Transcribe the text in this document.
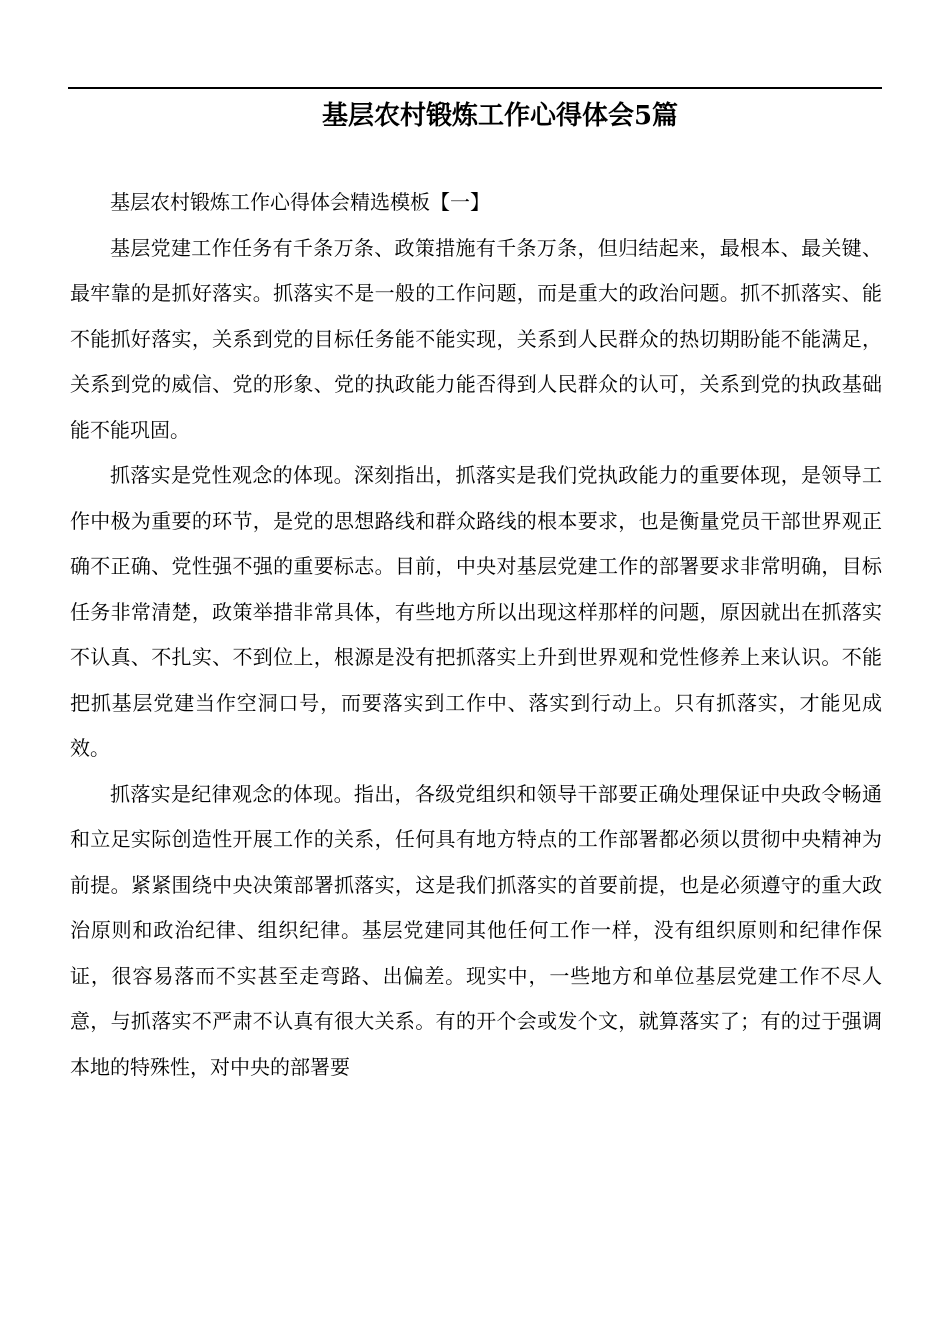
基层农村锻炼工作心得体会5篇

基层农村锻炼工作心得体会精选模板【一】

基层党建工作任务有千条万条、政策措施有千条万条，但归结起来，最根本、最关键、最牢靠的是抓好落实。抓落实不是一般的工作问题，而是重大的政治问题。抓不抓落实、能不能抓好落实，关系到党的目标任务能不能实现，关系到人民群众的热切期盼能不能满足，关系到党的威信、党的形象、党的执政能力能否得到人民群众的认可，关系到党的执政基础能不能巩固。

抓落实是党性观念的体现。深刻指出，抓落实是我们党执政能力的重要体现，是领导工作中极为重要的环节，是党的思想路线和群众路线的根本要求，也是衡量党员干部世界观正确不正确、党性强不强的重要标志。目前，中央对基层党建工作的部署要求非常明确，目标任务非常清楚，政策举措非常具体，有些地方所以出现这样那样的问题，原因就出在抓落实不认真、不扎实、不到位上，根源是没有把抓落实上升到世界观和党性修养上来认识。不能把抓基层党建当作空洞口号，而要落实到工作中、落实到行动上。只有抓落实，才能见成效。

抓落实是纪律观念的体现。指出，各级党组织和领导干部要正确处理保证中央政令畅通和立足实际创造性开展工作的关系，任何具有地方特点的工作部署都必须以贯彻中央精神为前提。紧紧围绕中央决策部署抓落实，这是我们抓落实的首要前提，也是必须遵守的重大政治原则和政治纪律、组织纪律。基层党建同其他任何工作一样，没有组织原则和纪律作保证，很容易落而不实甚至走弯路、出偏差。现实中，一些地方和单位基层党建工作不尽人意，与抓落实不严肃不认真有很大关系。有的开个会或发个文，就算落实了；有的过于强调本地的特殊性，对中央的部署要
